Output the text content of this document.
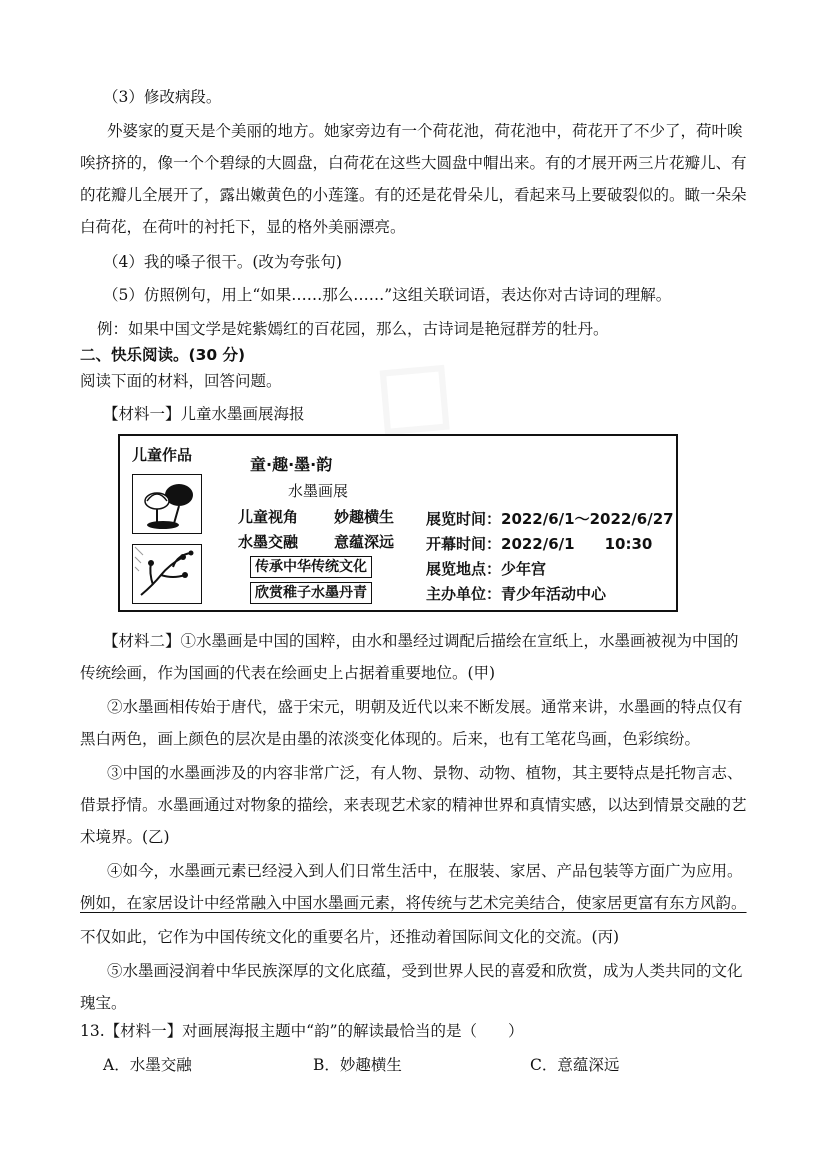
（3）修改病段。
外婆家的夏天是个美丽的地方。她家旁边有一个荷花池，荷花池中，荷花开了不少了，荷叶唉
唉挤挤的，像一个个碧绿的大圆盘，白荷花在这些大圆盘中帽出来。有的才展开两三片花瓣儿、有
的花瓣儿全展开了，露出嫩黄色的小莲篷。有的还是花骨朵儿，看起来马上要破裂似的。瞰一朵朵
白荷花，在荷叶的衬托下，显的格外美丽漂亮。
（4）我的嗓子很干。(改为夸张句)
（5）仿照例句，用上“如果……那么……”这组关联词语，表达你对古诗词的理解。
例：如果中国文学是姹紫嫣红的百花园，那么，古诗词是艳冠群芳的牡丹。
二、快乐阅读。(30 分)
阅读下面的材料，回答问题。
【材料一】儿童水墨画展海报
儿童作品	童·趣·墨·韵
水墨画展
儿童视角 妙趣横生
水墨交融 意蕴深远
传承中华传统文化
欣赏稚子水墨丹青
展览时间：2022/6/1～2022/6/27
开幕时间：2022/6/1　　10:30
展览地点：少年宫
主办单位：青少年活动中心
【材料二】①水墨画是中国的国粹，由水和墨经过调配后描绘在宣纸上，水墨画被视为中国的
传统绘画，作为国画的代表在绘画史上占据着重要地位。(甲)
②水墨画相传始于唐代，盛于宋元，明朝及近代以来不断发展。通常来讲，水墨画的特点仅有
黑白两色，画上颜色的层次是由墨的浓淡变化体现的。后来，也有工笔花鸟画，色彩缤纷。
③中国的水墨画涉及的内容非常广泛，有人物、景物、动物、植物，其主要特点是托物言志、
借景抒情。水墨画通过对物象的描绘，来表现艺术家的精神世界和真情实感，以达到情景交融的艺
术境界。(乙)
④如今，水墨画元素已经浸入到人们日常生活中，在服装、家居、产品包装等方面广为应用。
例如，在家居设计中经常融入中国水墨画元素，将传统与艺术完美结合，使家居更富有东方风韵。
不仅如此，它作为中国传统文化的重要名片，还推动着国际间文化的交流。(丙)
⑤水墨画浸润着中华民族深厚的文化底蕴，受到世界人民的喜爱和欣赏，成为人类共同的文化
瑰宝。
13.【材料一】对画展海报主题中“韵”的解读最恰当的是（　　）
A．水墨交融	B．妙趣横生	C．意蕴深远
